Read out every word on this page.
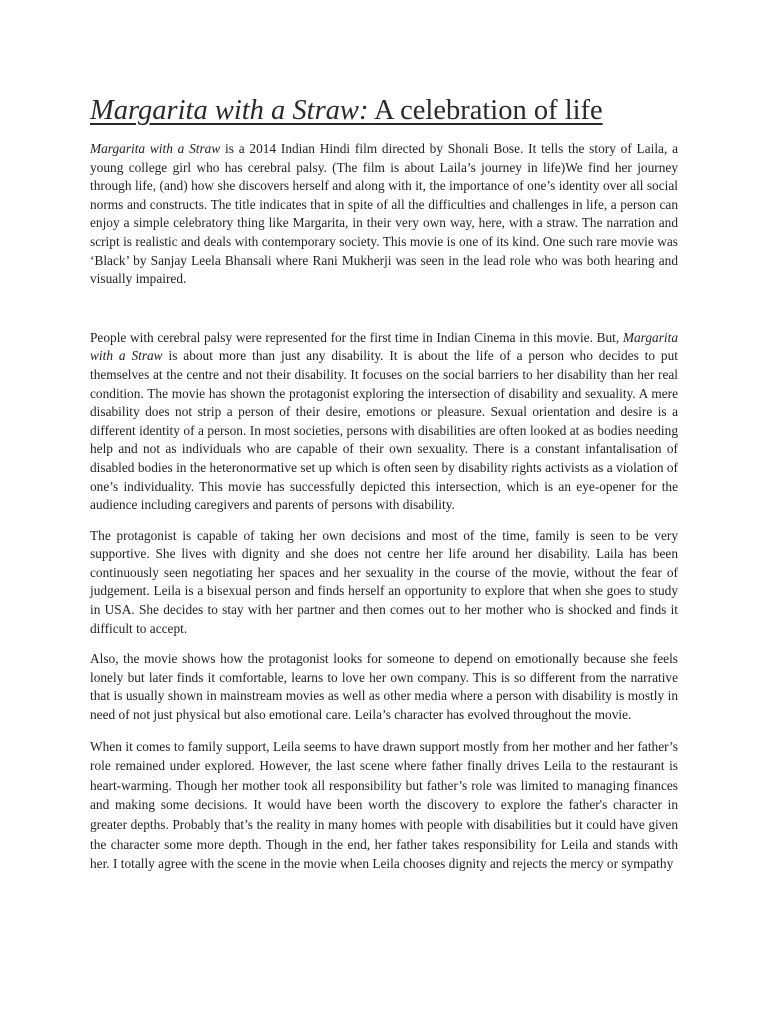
Margarita with a Straw: A celebration of life

Margarita with a Straw is a 2014 Indian Hindi film directed by Shonali Bose. It tells the story of Laila, a young college girl who has cerebral palsy. (The film is about Laila’s journey in life)We find her journey through life, (and) how she discovers herself and along with it, the importance of one’s identity over all social norms and constructs. The title indicates that in spite of all the difficulties and challenges in life, a person can enjoy a simple celebratory thing like Margarita, in their very own way, here, with a straw. The narration and script is realistic and deals with contemporary society. This movie is one of its kind. One such rare movie was ‘Black’ by Sanjay Leela Bhansali where Rani Mukherji was seen in the lead role who was both hearing and visually impaired.

People with cerebral palsy were represented for the first time in Indian Cinema in this movie. But, Margarita with a Straw is about more than just any disability. It is about the life of a person who decides to put themselves at the centre and not their disability. It focuses on the social barriers to her disability than her real condition. The movie has shown the protagonist exploring the intersection of disability and sexuality. A mere disability does not strip a person of their desire, emotions or pleasure. Sexual orientation and desire is a different identity of a person. In most societies, persons with disabilities are often looked at as bodies needing help and not as individuals who are capable of their own sexuality. There is a constant infantalisation of disabled bodies in the heteronormative set up which is often seen by disability rights activists as a violation of one’s individuality. This movie has successfully depicted this intersection, which is an eye-opener for the audience including caregivers and parents of persons with disability.

The protagonist is capable of taking her own decisions and most of the time, family is seen to be very supportive. She lives with dignity and she does not centre her life around her disability. Laila has been continuously seen negotiating her spaces and her sexuality in the course of the movie, without the fear of judgement. Leila is a bisexual person and finds herself an opportunity to explore that when she goes to study in USA. She decides to stay with her partner and then comes out to her mother who is shocked and finds it difficult to accept.

Also, the movie shows how the protagonist looks for someone to depend on emotionally because she feels lonely but later finds it comfortable, learns to love her own company. This is so different from the narrative that is usually shown in mainstream movies as well as other media where a person with disability is mostly in need of not just physical but also emotional care. Leila’s character has evolved throughout the movie.

When it comes to family support, Leila seems to have drawn support mostly from her mother and her father’s role remained under explored. However, the last scene where father finally drives Leila to the restaurant is heart-warming. Though her mother took all responsibility but father’s role was limited to managing finances and making some decisions. It would have been worth the discovery to explore the father's character in greater depths. Probably that’s the reality in many homes with people with disabilities but it could have given the character some more depth. Though in the end, her father takes responsibility for Leila and stands with her. I totally agree with the scene in the movie when Leila chooses dignity and rejects the mercy or sympathy
